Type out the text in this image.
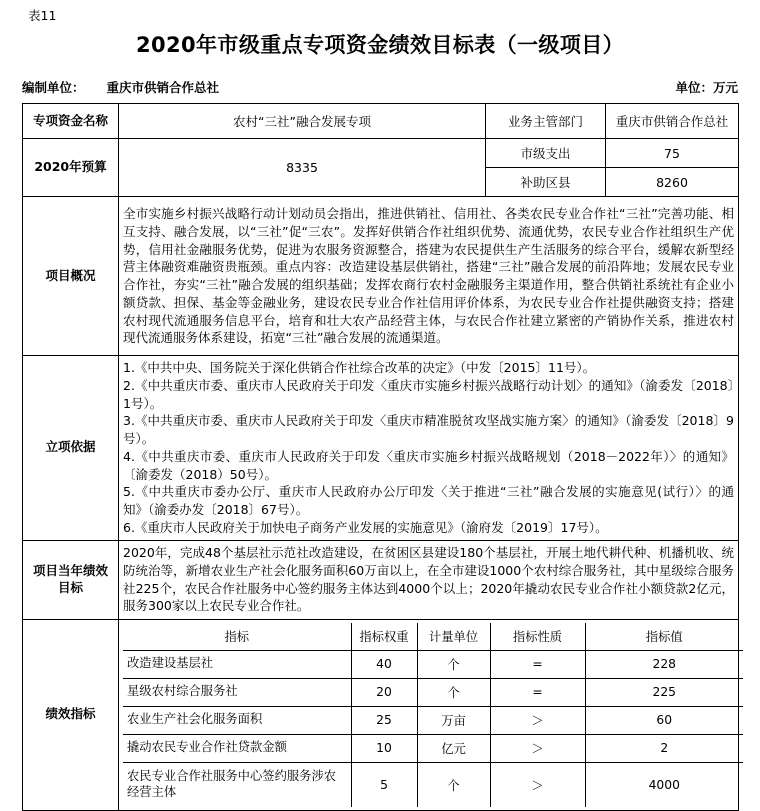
表11
2020年市级重点专项资金绩效目标表（一级项目）
编制单位： 重庆市供销合作总社	单位：万元
专项资金名称	农村“三社”融合发展专项	业务主管部门	重庆市供销合作总社
2020年预算	8335	市级支出	75
补助区县	8260
项目概况	全市实施乡村振兴战略行动计划动员会指出，推进供销社、信用社、各类农民专业合作社“三社”完善功能、相互支持、融合发展，以“三社”促“三农”。发挥好供销合作社组织优势、流通优势，农民专业合作社组织生产优势，信用社金融服务优势，促进为农服务资源整合，搭建为农民提供生产生活服务的综合平台，缓解农新型经营主体融资难融资贵瓶颈。重点内容：改造建设基层供销社，搭建“三社”融合发展的前沿阵地；发展农民专业合作社，夯实“三社”融合发展的组织基础；发挥农商行农村金融服务主渠道作用，整合供销社系统社有企业小额贷款、担保、基金等金融业务，建设农民专业合作社信用评价体系，为农民专业合作社提供融资支持；搭建农村现代流通服务信息平台，培育和壮大农产品经营主体，与农民合作社建立紧密的产销协作关系，推进农村现代流通服务体系建设，拓宽“三社”融合发展的流通渠道。
立项依据	

1.《中共中央、国务院关于深化供销合作社综合改革的决定》（中发〔2015〕11号）。

2.《中共重庆市委、重庆市人民政府关于印发〈重庆市实施乡村振兴战略行动计划〉的通知》（渝委发〔2018〕1号）。

3.《中共重庆市委、重庆市人民政府关于印发〈重庆市精准脱贫攻坚战实施方案〉的通知》（渝委发〔2018〕9号）。

4.《中共重庆市委、重庆市人民政府关于印发〈重庆市实施乡村振兴战略规划（2018－2022年）〉的通知》〔渝委发（2018）50号）。

5.《中共重庆市委办公厅、重庆市人民政府办公厅印发〈关于推进“三社”融合发展的实施意见(试行）〉的通知》（渝委办发〔2018〕67号）。

6.《重庆市人民政府关于加快电子商务产业发展的实施意见》（渝府发〔2019〕17号）。

项目当年绩效目标	2020年，完成48个基层社示范社改造建设，在贫困区县建设180个基层社，开展土地代耕代种、机播机收、统防统治等，新增农业生产社会化服务面积60万亩以上，在全市建设1000个农村综合服务社，其中星级综合服务社225个，农民合作社服务中心签约服务主体达到4000个以上；2020年撬动农民专业合作社小额贷款2亿元，服务300家以上农民专业合作社。
绩效指标	
指标	指标权重	计量单位	指标性质	指标值
改造建设基层社	40	个	=	228
星级农村综合服务社	20	个	=	225
农业生产社会化服务面积	25	万亩	＞	60
撬动农民专业合作社贷款金额	10	亿元	＞	2
农民专业合作社服务中心签约服务涉农经营主体	5	个	＞	4000
